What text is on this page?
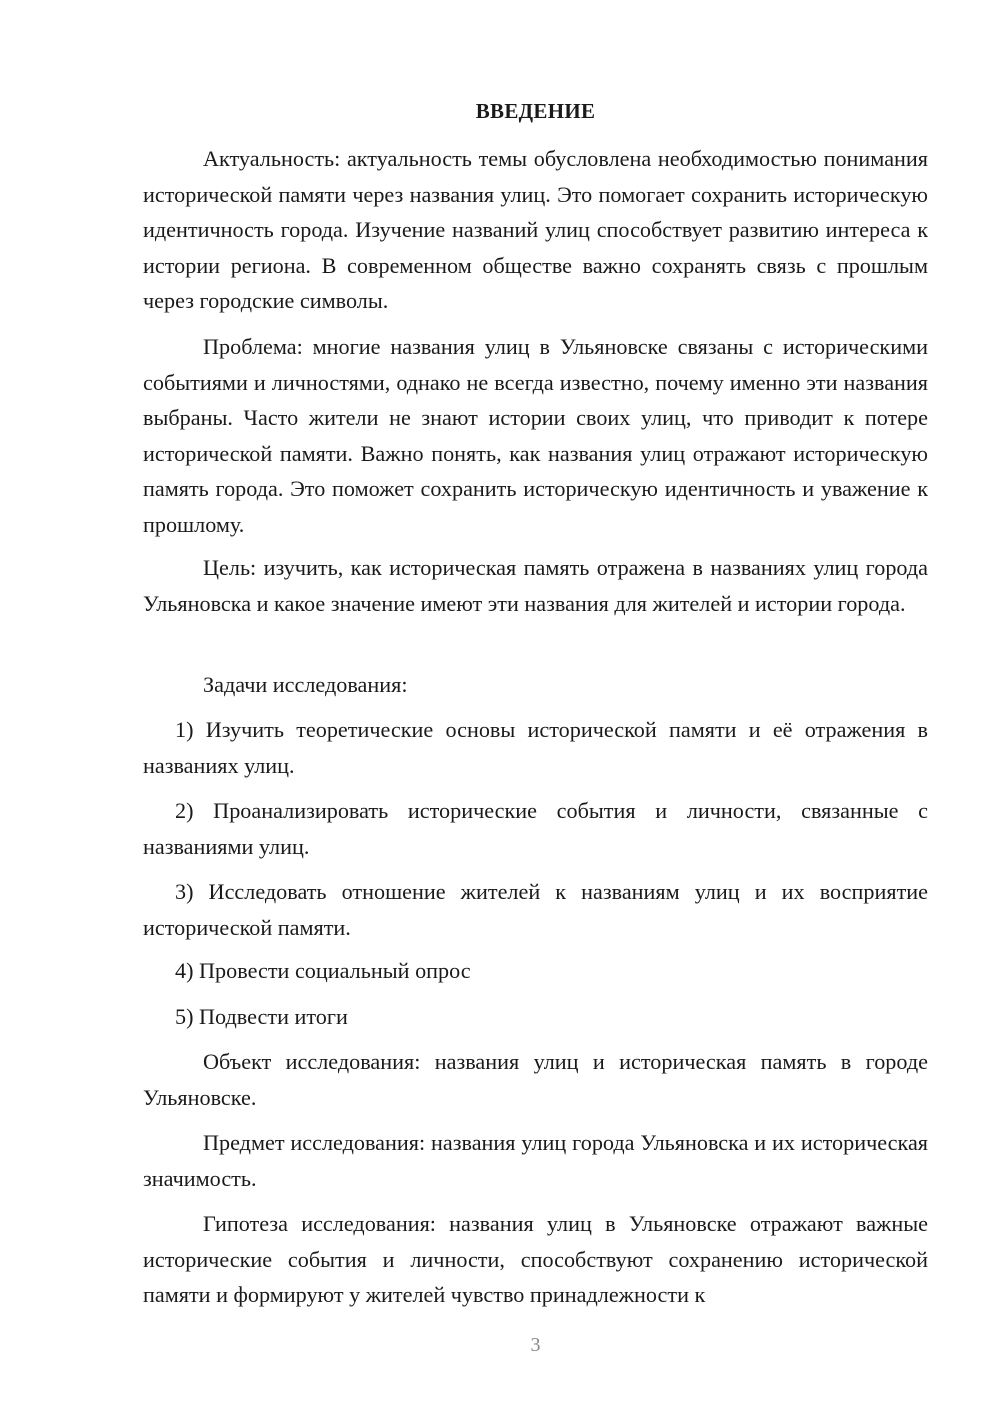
ВВЕДЕНИЕ

Актуальность: актуальность темы обусловлена необходимостью понимания исторической памяти через названия улиц. Это помогает сохранить историческую идентичность города. Изучение названий улиц способствует развитию интереса к истории региона. В современном обществе важно сохранять связь с прошлым через городские символы.

Проблема: многие названия улиц в Ульяновске связаны с историческими событиями и личностями, однако не всегда известно, почему именно эти названия выбраны. Часто жители не знают истории своих улиц, что приводит к потере исторической памяти. Важно понять, как названия улиц отражают историческую память города. Это поможет сохранить историческую идентичность и уважение к прошлому.

Цель: изучить, как историческая память отражена в названиях улиц города Ульяновска и какое значение имеют эти названия для жителей и истории города.

Задачи исследования:

1) Изучить теоретические основы исторической памяти и её отражения в названиях улиц.

2) Проанализировать исторические события и личности, связанные с названиями улиц.

3) Исследовать отношение жителей к названиям улиц и их восприятие исторической памяти.

4) Провести социальный опрос

5) Подвести итоги

Объект исследования: названия улиц и историческая память в городе Ульяновске.

Предмет исследования: названия улиц города Ульяновска и их историческая значимость.

Гипотеза исследования: названия улиц в Ульяновске отражают важные исторические события и личности, способствуют сохранению исторической памяти и формируют у жителей чувство принадлежности к

3
